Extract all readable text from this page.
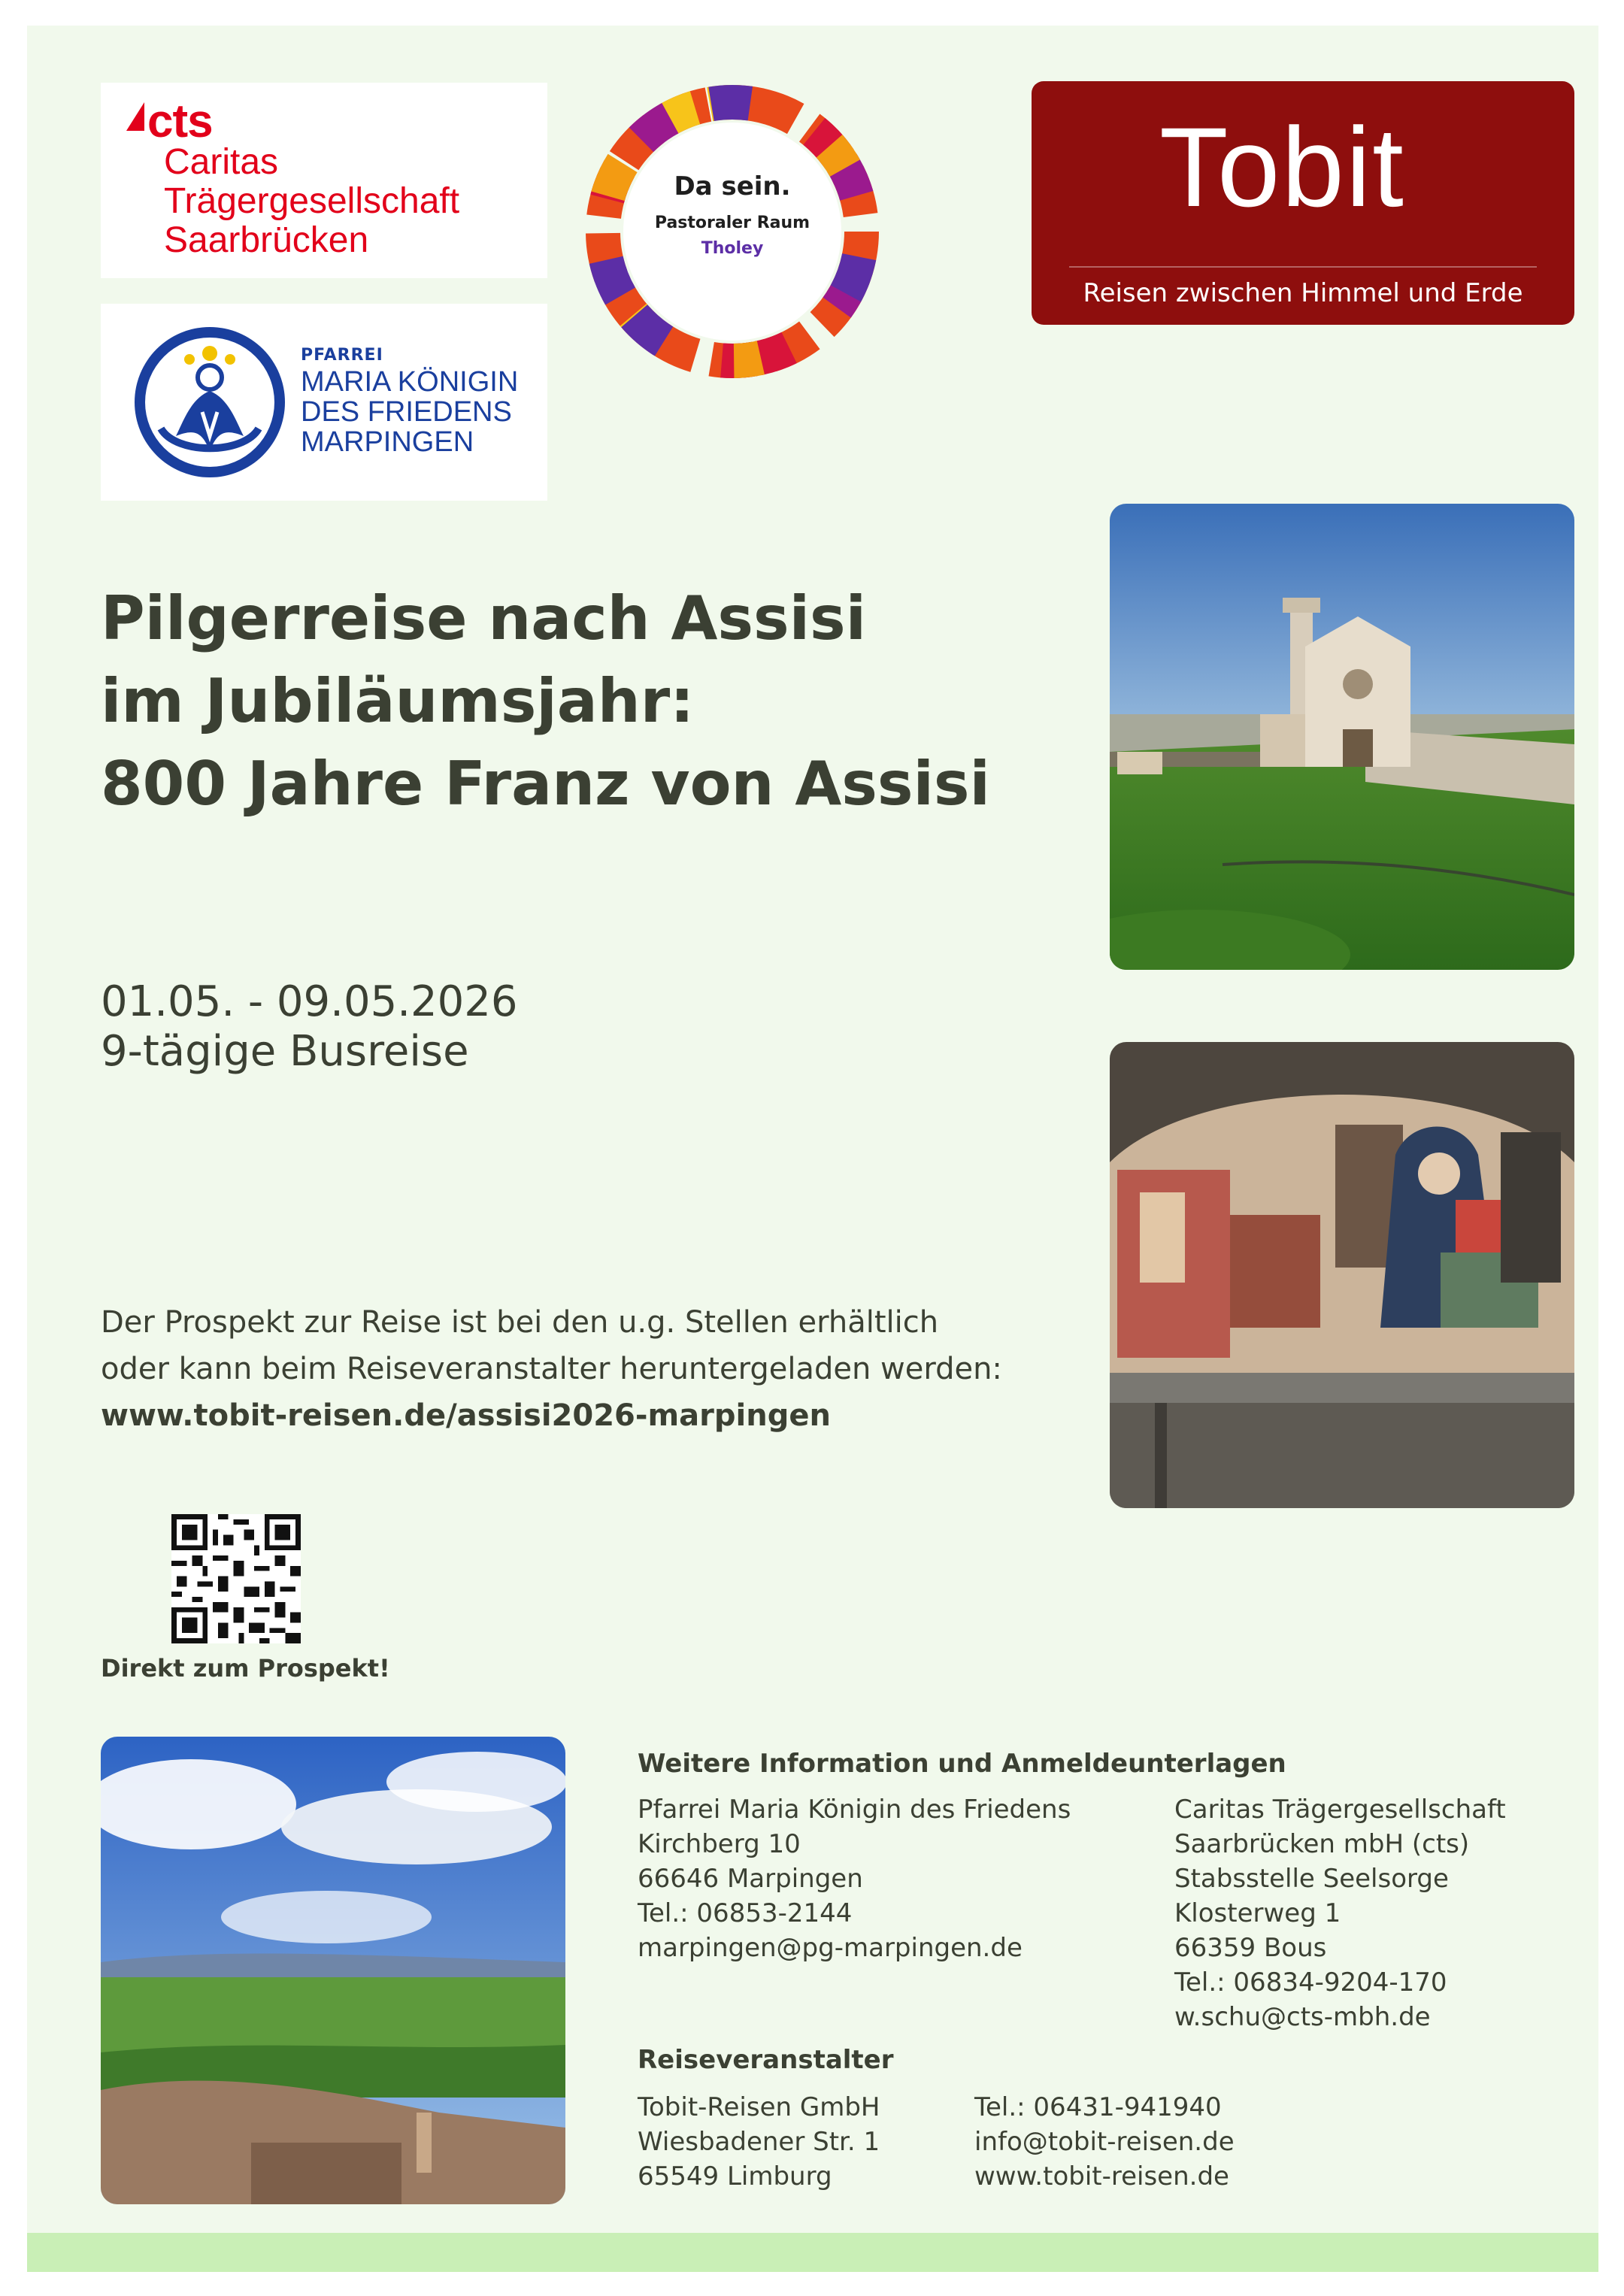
cts
Caritas
Trägergesellschaft
Saarbrücken
PFARREI
MARIA KÖNIGIN
DES FRIEDENS
MARPINGEN
Da sein.
Pastoraler Raum
Tholey
Tobit
Reisen zwischen Himmel und Erde
Pilgerreise nach Assisi
im Jubiläumsjahr:
800 Jahre Franz von Assisi
01.05. - 09.05.2026
9-tägige Busreise
Der Prospekt zur Reise ist bei den u.g. Stellen erhältlich
oder kann beim Reiseveranstalter heruntergeladen werden:
www.tobit-reisen.de/assisi2026-marpingen
Direkt zum Prospekt!
Weitere Information und Anmeldeunterlagen
Pfarrei Maria Königin des Friedens
Kirchberg 10
66646 Marpingen
Tel.: 06853-2144
marpingen@pg-marpingen.de
Caritas Trägergesellschaft
Saarbrücken mbH (cts)
Stabsstelle Seelsorge
Klosterweg 1
66359 Bous
Tel.: 06834-9204-170
w.schu@cts-mbh.de
Reiseveranstalter
Tobit-Reisen GmbH
Wiesbadener Str. 1
65549 Limburg
Tel.: 06431-941940
info@tobit-reisen.de
www.tobit-reisen.de
